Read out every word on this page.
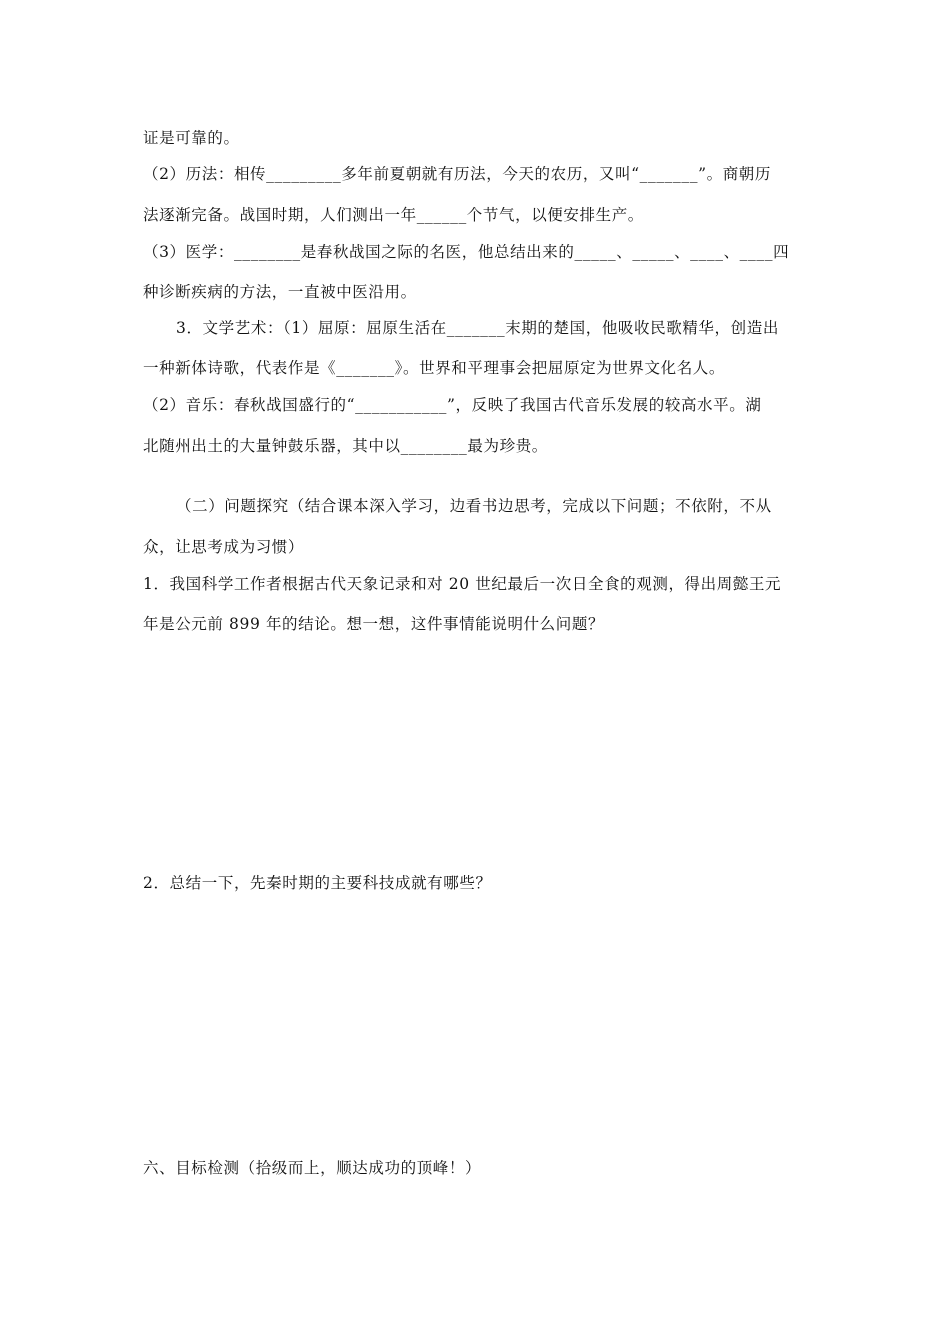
证是可靠的。
（2）历法：相传_________多年前夏朝就有历法，今天的农历，又叫“_______”。商朝历
法逐渐完备。战国时期，人们测出一年______个节气，以便安排生产。
（3）医学：________是春秋战国之际的名医，他总结出来的_____、_____、____、____四
种诊断疾病的方法，一直被中医沿用。
3．文学艺术：（1）屈原：屈原生活在_______末期的楚国，他吸收民歌精华，创造出
一种新体诗歌，代表作是《_______》。世界和平理事会把屈原定为世界文化名人。
（2）音乐：春秋战国盛行的“___________”，反映了我国古代音乐发展的较高水平。湖
北随州出土的大量钟鼓乐器，其中以________最为珍贵。
（二）问题探究（结合课本深入学习，边看书边思考，完成以下问题；不依附，不从
众，让思考成为习惯）
1．我国科学工作者根据古代天象记录和对 20 世纪最后一次日全食的观测，得出周懿王元
年是公元前 899 年的结论。想一想，这件事情能说明什么问题？
2．总结一下，先秦时期的主要科技成就有哪些？
六、目标检测（拾级而上，顺达成功的顶峰！）
